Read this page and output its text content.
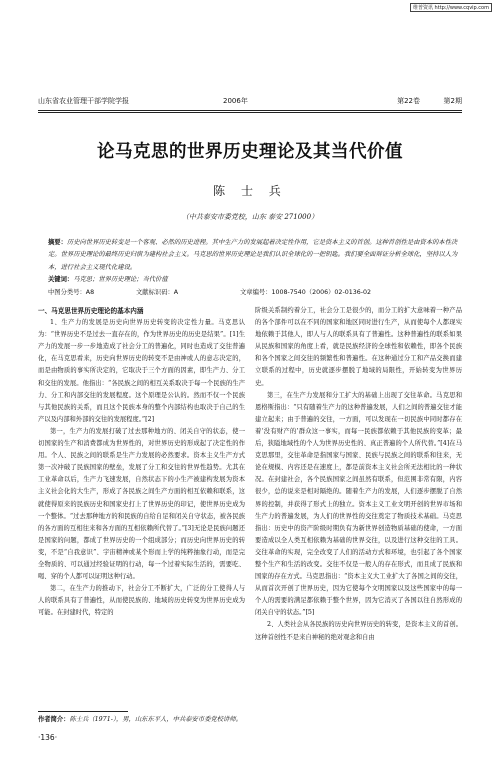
维普资讯 http://www.cqvip.com
山东省农业管理干部学院学报	2006年	第22卷	第2期
论马克思的世界历史理论及其当代价值
陈 士 兵
（中共泰安市委党校，山东 泰安 271000）
摘要：历史向世界历史转变是一个客观、必然的历史进程。其中生产力的发展起着决定性作用，它是资本主义的首创。这种首创性是由资本的本性决定。世界历史理论的最终历史归宿为建构社会主义。马克思的世界历史理论是我们认识全球化的一把钥匙。我们要全面辩证分析全球化，坚持以人为本，进行社会主义现代化建设。
关键词：马克思；世界历史理论；当代价值
中图分类号：A8	文献标识码：A	文章编号：1008-7540（2006）02-0136-02
一、马克思世界历史理论的基本内涵

1、生产力的发展是历史向世界历史转变的决定性力量。马克思认为：“世界历史不是过去一直存在的，作为世界历史的历史是结果”。[1]生产力的发展一步一步地造成了社会分工的普遍化，同时也造成了交往普遍化，在马克思看来，历史向世界历史的转变不是由神或人的意志决定的，而是由物质的事实所决定的，它取决于三个方面的因素，即生产力、分工和交往的发展。他指出：“各民族之间的相互关系取决于每一个民族的生产力、分工和内部交往的发展程度。这个原理是公认的。然而不仅一个民族与其他民族的关系，而且这个民族本身的整个内部结构也取决于自己的生产以及内部和外部的交往的发展程度。”[2]

第一，生产力的发展打破了过去那种地方的、闭关自守的状态，使一切国家的生产和消费都成为世界性的，对世界历史的形成起了决定性的作用。个人、民族之间的联系是生产力发展的必然要求。资本主义生产方式第一次冲破了民族国家的壁垒，发展了分工和交往的世界性趋势。尤其在工业革命以后，生产力飞速发展，自然状态下的小生产被建构发展为资本主义社会化的大生产，形成了各民族之间生产方面的相互依赖和联系，这就使得原来的民族历史和国家史打上了世界历史的印记，使世界历史成为一个整体。“过去那种地方的和民族的自给自足和闭关自守状态，被各民族的各方面的互相往来和各方面的互相依赖所代替了。”[3]无论是民族问题还是国家的问题，都成了世界历史的一个组成部分；而历史向世界历史的转变，不是“自我意识”、宇宙精神或某个形而上学的纯粹抽象行动，而是完全物质的、可以通过经验证明的行动，每一个过着实际生活的，需要吃、喝、穿的个人都可以证明这种行动。

第二，在生产力的推动下，社会分工不断扩大，广泛的分工使得人与人的联系具有了普遍性，从而使民族的、地域的历史转变为世界历史成为可能。在封建时代，特定的

阶级关系制约着分工，社会分工是很少的，而分工的扩大意味着一种产品的各个部件可以在不同的国家和地区同时进行生产，从而使每个人都现实地依赖于其他人，即人与人的联系具有了普遍性。这种普遍性的联系如果从民族和国家的角度上看，就是民族经济的全球性和依赖性，即各个民族和各个国家之间交往的频繁性和普遍性。在这种通过分工和产品交换而建立联系的过程中，历史就逐步摆脱了地域的局限性，开始转变为世界历史。

第三，在生产力发展和分工扩大的基础上出现了交往革命。马克思和恩格斯指出：“只有随着生产力的这种普遍发展，人们之间的普遍交往才能建立起来；由于普遍的交往，一方面，可以发现在一切民族中同时都存在着‘没有财产的’群众这一事实，而每一民族都依赖于其他民族的变革；最后，狭隘地域性的个人为世界历史性的、真正普遍的个人所代替。”[4]在马克思那里，交往革命是指国家与国家、民族与民族之间的联系和往来，无论在规模、内容还是在速度上，都是前资本主义社会所无法相比的一种状况。在封建社会，各个民族国家之间虽然有联系，但范围非常有限，内容很少，总的说来是相对隔绝的。随着生产力的发展，人们逐步摆脱了自然界的控制，并获得了形式上的独立。资本主义工业文明开创的世界市场和生产力的普遍发展，为人们的世界性的交往奠定了物质技术基础。马克思指出：历史中的资产阶级时期负有为新世界创造物质基础的使命，一方面要造成以全人类互相依赖为基础的世界交往，以及进行这种交往的工具。交往革命的实现，完全改变了人们的活动方式和环境，也引起了各个国家整个生产和生活的改变。交往不仅是一般人的存在形式，而且成了民族和国家的存在方式。马克思指出：“资本主义大工业扩大了各国之间的交往，从而首次开创了世界历史，因为它使每个文明国家以及这些国家中的每一个人的需要的满足都依赖于整个世界，因为它消灭了各国以往自然形成的闭关自守的状态。”[5]

2、人类社会从各民族的历史向世界历史的转变，是资本主义的首创。这种首创性不是来自神秘的绝对观念和自由

作者简介：陈士兵（1971-），男，山东东平人，中共泰安市委党校讲师。
·136·
